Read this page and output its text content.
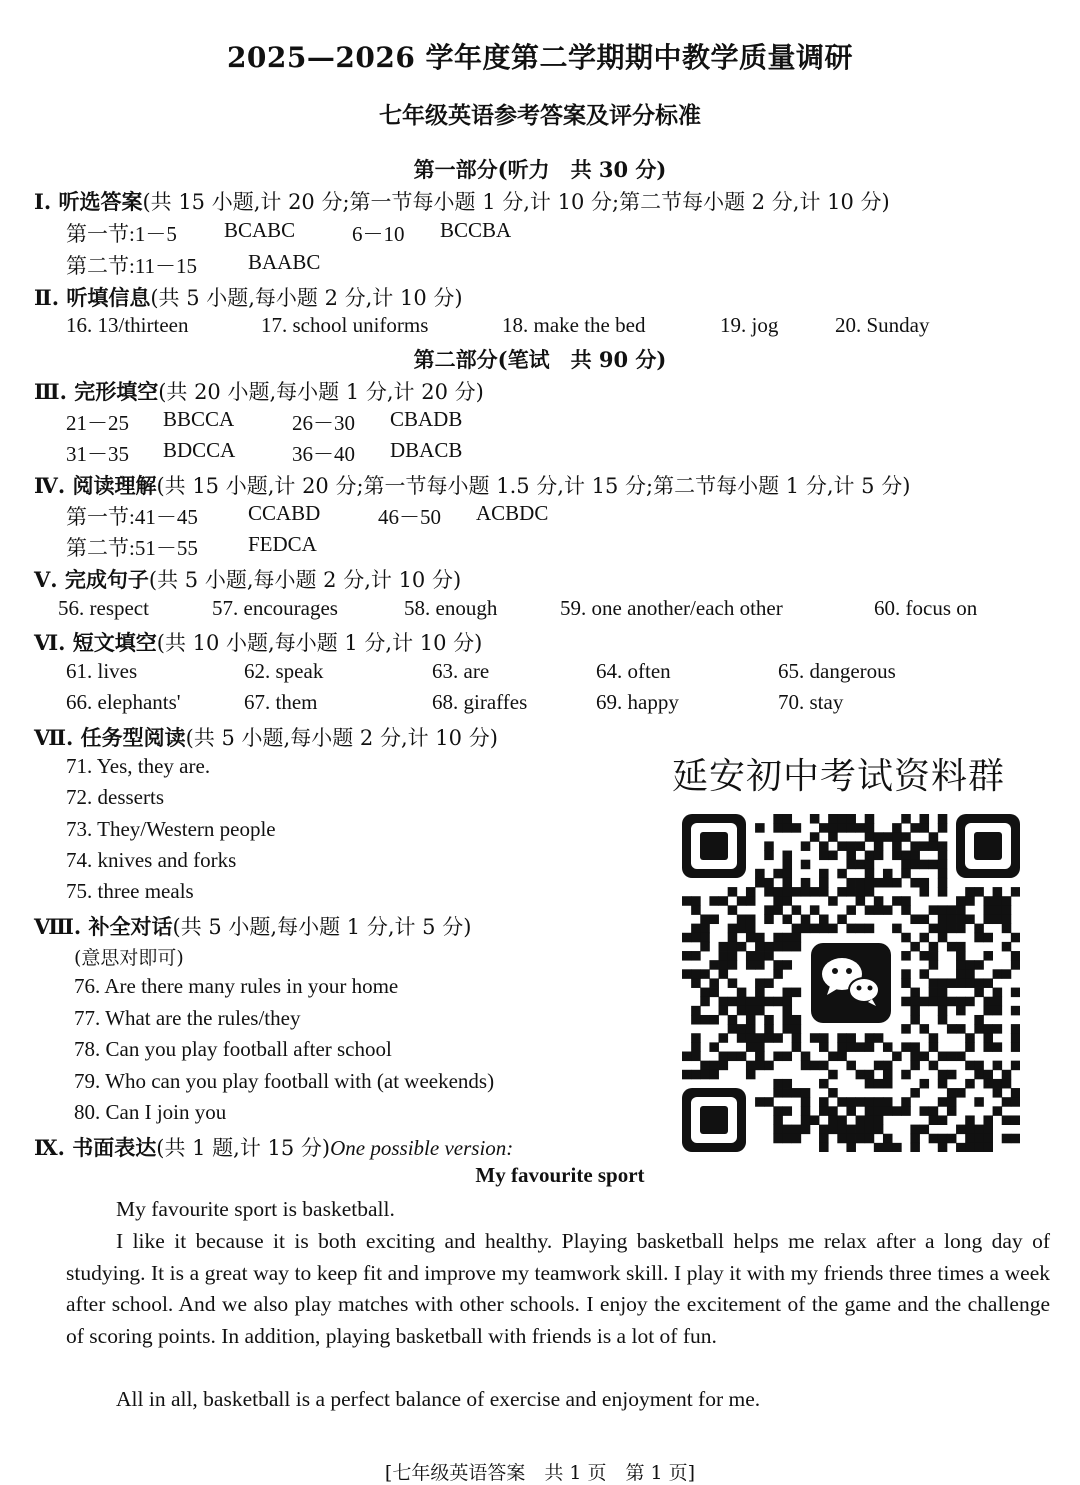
2025—2026 学年度第二学期期中教学质量调研
七年级英语参考答案及评分标准
第一部分(听力　共 30 分)
Ⅰ. 听选答案(共 15 小题,计 20 分;第一节每小题 1 分,计 10 分;第二节每小题 2 分,计 10 分)
第一节:1－5 BCABC	6－10 BCCBA
第二节:11－15 BAABC
Ⅱ. 听填信息(共 5 小题,每小题 2 分,计 10 分)
16. 13/thirteen	17. school uniforms	18. make the bed	19. jog	20. Sunday
第二部分(笔试　共 90 分)
Ⅲ. 完形填空(共 20 小题,每小题 1 分,计 20 分)
21－25 BBCCA	26－30 CBADB
31－35 BDCCA	36－40 DBACB
Ⅳ. 阅读理解(共 15 小题,计 20 分;第一节每小题 1.5 分,计 15 分;第二节每小题 1 分,计 5 分)
第一节:41－45 CCABD	46－50 ACBDC
第二节:51－55 FEDCA
Ⅴ. 完成句子(共 5 小题,每小题 2 分,计 10 分)
56. respect	57. encourages	58. enough	59. one another/each other	60. focus on
Ⅵ. 短文填空(共 10 小题,每小题 1 分,计 10 分)
61. lives	62. speak	63. are	64. often	65. dangerous
66. elephants'	67. them	68. giraffes	69. happy	70. stay
Ⅶ. 任务型阅读(共 5 小题,每小题 2 分,计 10 分)
71. Yes, they are.
72. desserts
73. They/Western people
74. knives and forks
75. three meals
Ⅷ. 补全对话(共 5 小题,每小题 1 分,计 5 分)
(意思对即可)
76. Are there many rules in your home
77. What are the rules/they
78. Can you play football after school
79. Who can you play football with (at weekends)
80. Can I join you
Ⅸ. 书面表达(共 1 题,计 15 分)One possible version:
My favourite sport
My favourite sport is basketball.
I like it because it is both exciting and healthy. Playing basketball helps me relax after a long day of studying. It is a great way to keep fit and improve my teamwork skill. I play it with my friends three times a week after school. And we also play matches with other schools. I enjoy the excitement of the game and the challenge of scoring points. In addition, playing basketball with friends is a lot of fun.
All in all, basketball is a perfect balance of exercise and enjoyment for me.
延安初中考试资料群
[七年级英语答案　共 1 页　第 1 页]
